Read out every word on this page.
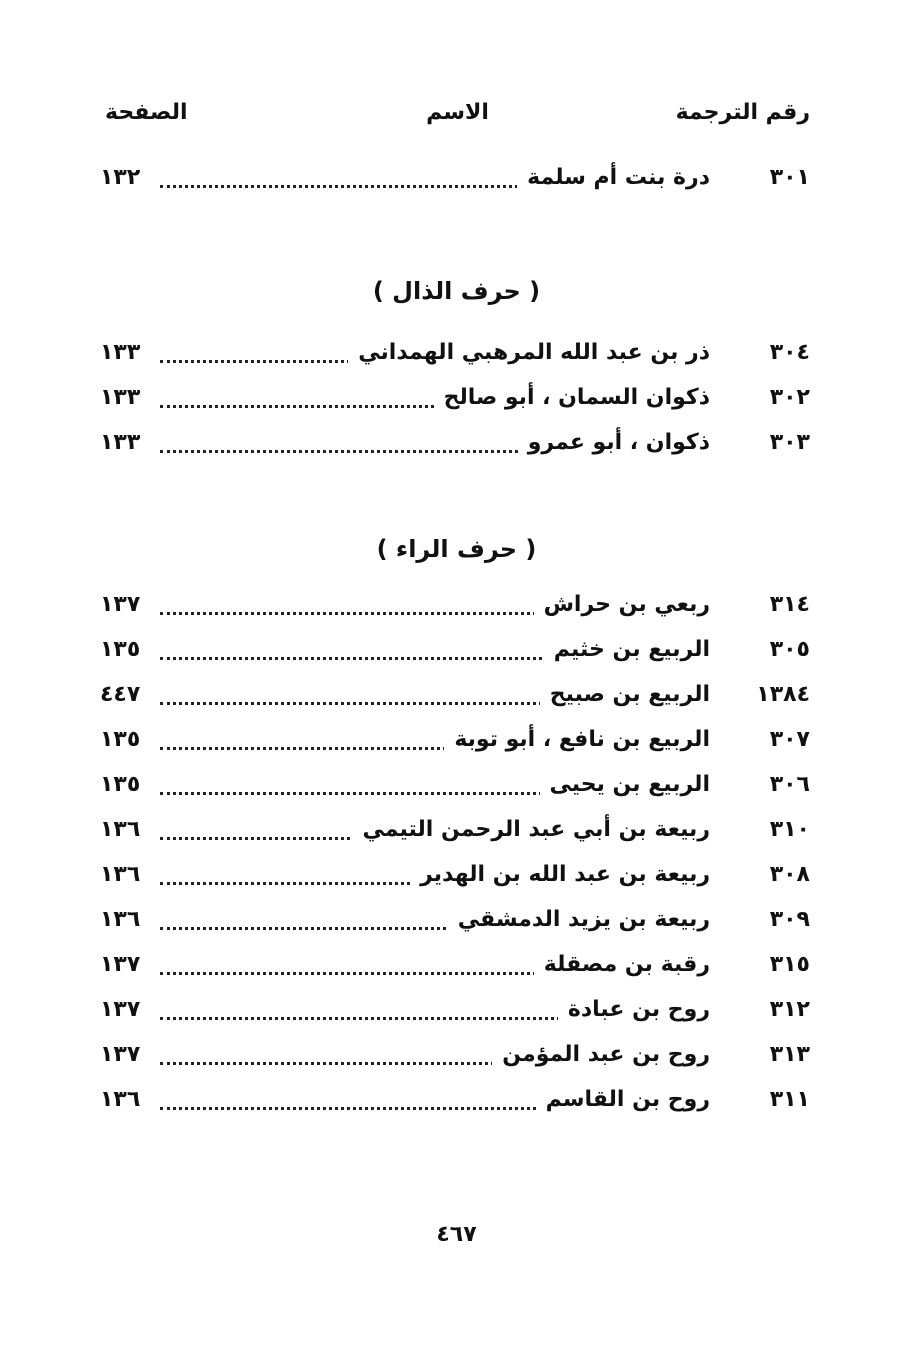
رقم الترجمة
الاسم
الصفحة
٣٠١
درة بنت أم سلمة
١٣٢
( حرف الذال )
٣٠٤
ذر بن عبد الله المرهبي الهمداني
١٣٣
٣٠٢
ذكوان السمان ، أبو صالح
١٣٣
٣٠٣
ذكوان ، أبو عمرو
١٣٣
( حرف الراء )
٣١٤
ربعي بن حراش
١٣٧
٣٠٥
الربيع بن خثيم
١٣٥
١٣٨٤
الربيع بن صبيح
٤٤٧
٣٠٧
الربيع بن نافع ، أبو توبة
١٣٥
٣٠٦
الربيع بن يحيى
١٣٥
٣١٠
ربيعة بن أبي عبد الرحمن التيمي
١٣٦
٣٠٨
ربيعة بن عبد الله بن الهدير
١٣٦
٣٠٩
ربيعة بن يزيد الدمشقي
١٣٦
٣١٥
رقبة بن مصقلة
١٣٧
٣١٢
روح بن عبادة
١٣٧
٣١٣
روح بن عبد المؤمن
١٣٧
٣١١
روح بن القاسم
١٣٦
٤٦٧
